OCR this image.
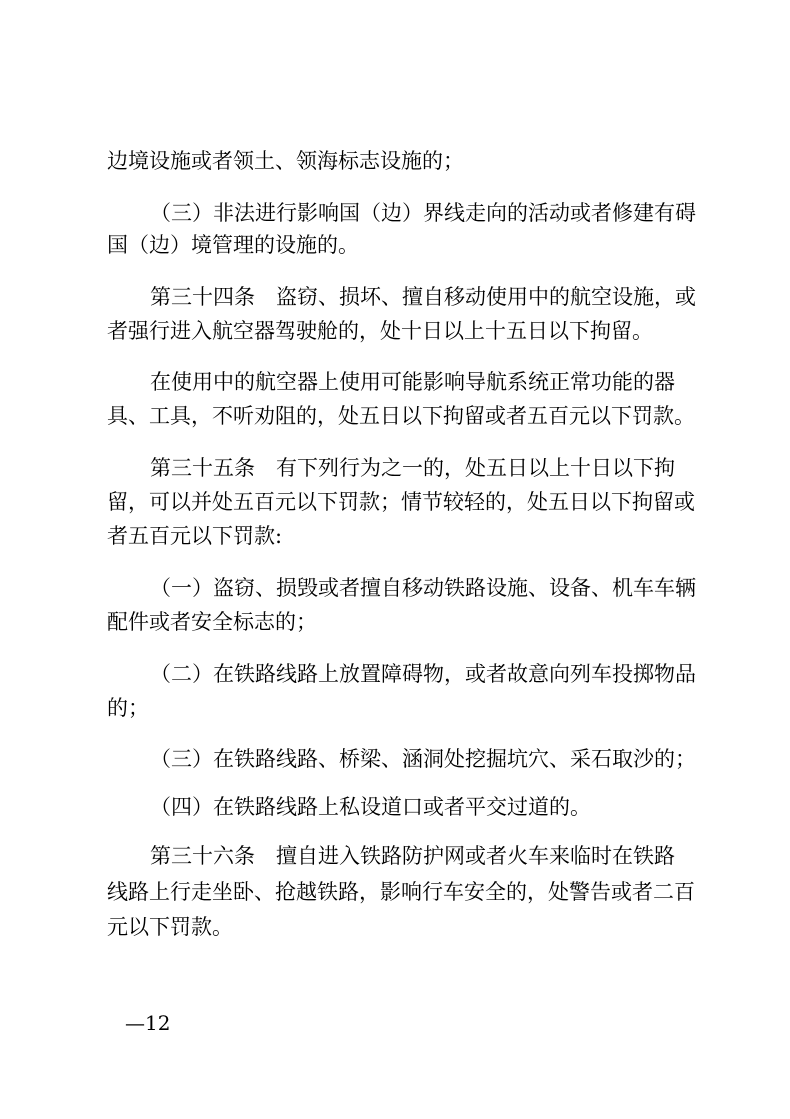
边境设施或者领土、领海标志设施的；
（三）非法进行影响国（边）界线走向的活动或者修建有碍
国（边）境管理的设施的。
第三十四条　盗窃、损坏、擅自移动使用中的航空设施，或
者强行进入航空器驾驶舱的，处十日以上十五日以下拘留。
在使用中的航空器上使用可能影响导航系统正常功能的器
具、工具，不听劝阻的，处五日以下拘留或者五百元以下罚款。
第三十五条　有下列行为之一的，处五日以上十日以下拘
留，可以并处五百元以下罚款；情节较轻的，处五日以下拘留或
者五百元以下罚款:
（一）盗窃、损毁或者擅自移动铁路设施、设备、机车车辆
配件或者安全标志的；
（二）在铁路线路上放置障碍物，或者故意向列车投掷物品
的；
（三）在铁路线路、桥梁、涵洞处挖掘坑穴、采石取沙的；
（四）在铁路线路上私设道口或者平交过道的。
第三十六条　擅自进入铁路防护网或者火车来临时在铁路
线路上行走坐卧、抢越铁路，影响行车安全的，处警告或者二百
元以下罚款。
—12
